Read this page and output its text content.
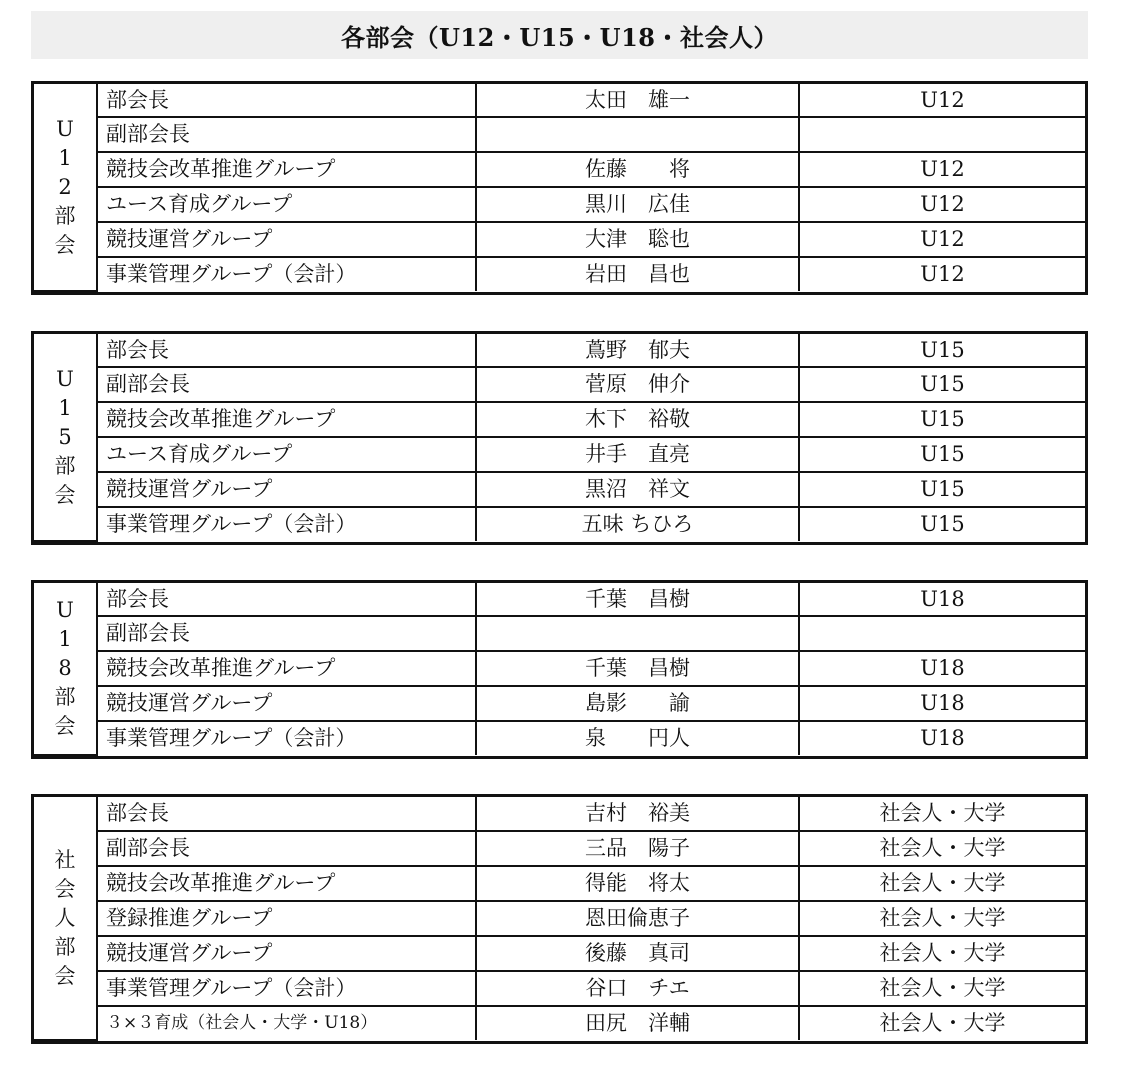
各部会（U12・U15・U18・社会人）
U
1
2
部
会	部会長	太田　雄一	U12
	副部会長		
	競技会改革推進グループ	佐藤　　将	U12
	ユース育成グループ	黒川　広佳	U12
	競技運営グループ	大津　聡也	U12
	事業管理グループ（会計）	岩田　昌也	U12
U
1
5
部
会	部会長	蔦野　郁夫	U15
	副部会長	菅原　伸介	U15
	競技会改革推進グループ	木下　裕敬	U15
	ユース育成グループ	井手　直亮	U15
	競技運営グループ	黒沼　祥文	U15
	事業管理グループ（会計）	五味 ちひろ	U15
U
1
8
部
会	部会長	千葉　昌樹	U18
	副部会長		
	競技会改革推進グループ	千葉　昌樹	U18
	競技運営グループ	島影　　諭	U18
	事業管理グループ（会計）	泉　　円人	U18
社
会
人
部
会	部会長	吉村　裕美	社会人・大学
	副部会長	三品　陽子	社会人・大学
	競技会改革推進グループ	得能　将太	社会人・大学
	登録推進グループ	恩田倫恵子	社会人・大学
	競技運営グループ	後藤　真司	社会人・大学
	事業管理グループ（会計）	谷口　チエ	社会人・大学
	３×３育成（社会人・大学・U18）	田尻　洋輔	社会人・大学
